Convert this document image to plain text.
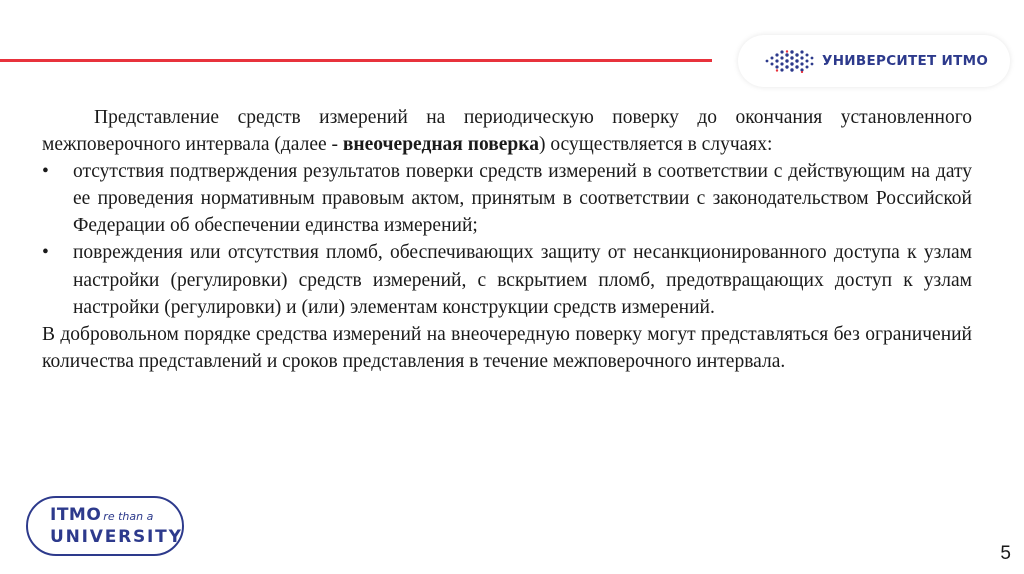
УНИВЕРСИТЕТ ИТМО

Представление средств измерений на периодическую поверку до окончания установленного межповерочного интервала (далее - внеочередная поверка) осуществляется в случаях:

• отсутствия подтверждения результатов поверки средств измерений в соответствии с действующим на дату ее проведения нормативным правовым актом, принятым в соответствии с законодательством Российской Федерации об обеспечении единства измерений;
• повреждения или отсутствия пломб, обеспечивающих защиту от несанкционированного доступа к узлам настройки (регулировки) средств измерений, с вскрытием пломб, предотвращающих доступ к узлам настройки (регулировки) и (или) элементам конструкции средств измерений.

В добровольном порядке средства измерений на внеочередную поверку могут представляться без ограничений количества представлений и сроков представления в течение межповерочного интервала.

ITMO re than a
UNIVERSITY
5
